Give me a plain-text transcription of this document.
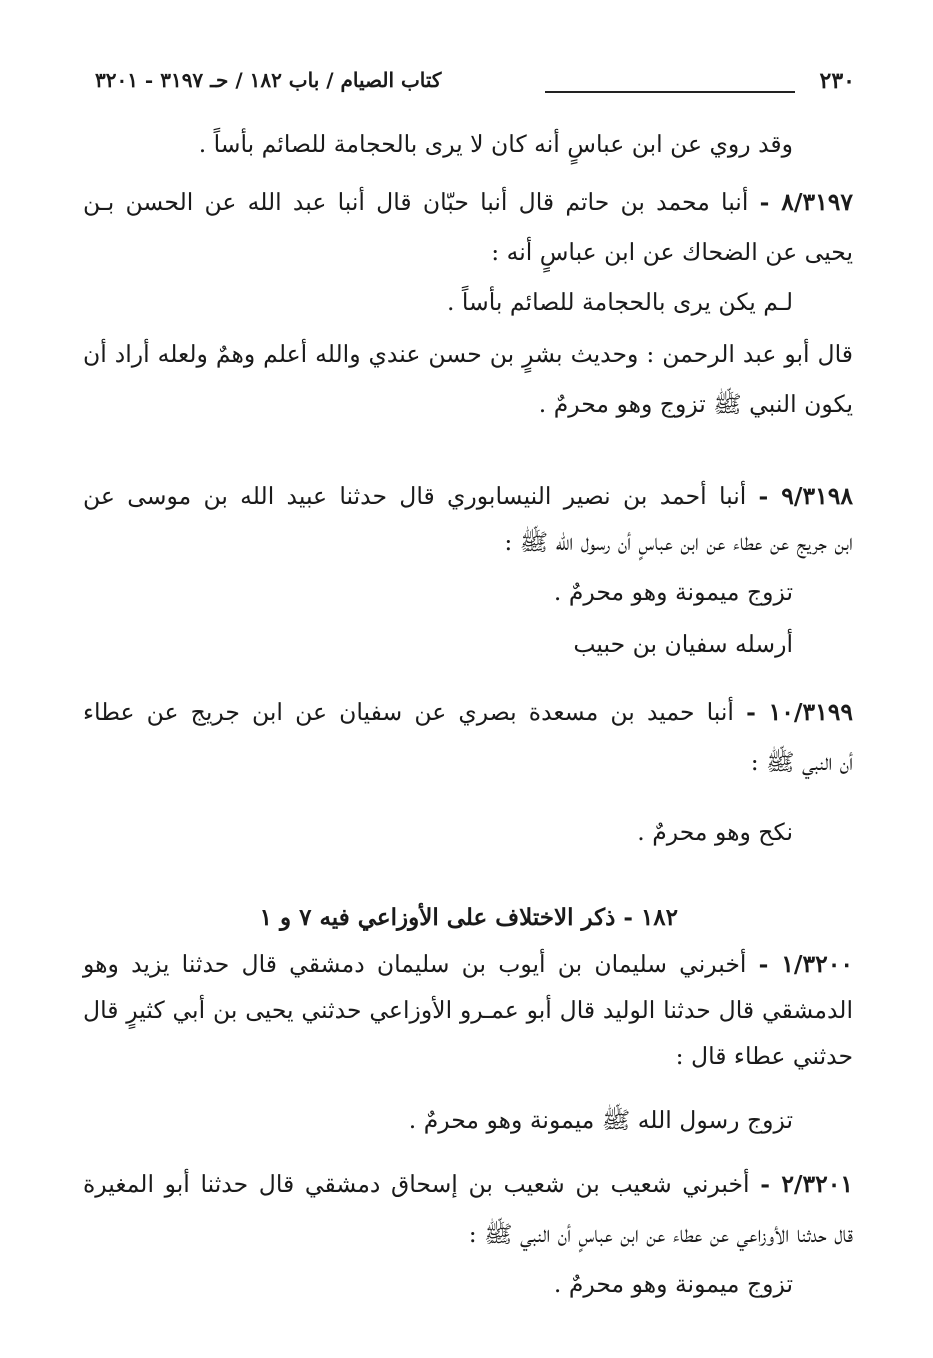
٢٣٠
كتاب الصيام / باب ١٨٢ / حـ ٣١٩٧ - ٣٢٠١
١٨٢ - ذكر الاختلاف على الأوزاعي فيه ٧ و ١
وقد روي عن ابن عباسٍ أنه كان لا يرى بالحجامة للصائم بأساً .
٨/٣١٩٧ - أنبا محمد بن حاتم قال أنبا حبّان قال أنبا عبد الله عن الحسن بـن
يحيى عن الضحاك عن ابن عباسٍ أنه :
لـم يكن يرى بالحجامة للصائم بأساً .
قال أبو عبد الرحمن : وحديث بشرٍ بن حسن عندي والله أعلم وهمٌ ولعله أراد أن
يكون النبي ﷺ تزوج وهو محرمٌ .
٩/٣١٩٨ - أنبا أحمد بن نصير النيسابوري قال حدثنا عبيد الله بن موسى عن
ابن جريج عن عطاء عن ابن عباسٍ أن رسول الله ﷺ :
تزوج ميمونة وهو محرمٌ .
أرسله سفيان بن حبيب
١٠/٣١٩٩ - أنبا حميد بن مسعدة بصري عن سفيان عن ابن جريج عن عطاء
أن النبي ﷺ :
نكح وهو محرمٌ .
١/٣٢٠٠ - أخبرني سليمان بن أيوب بن سليمان دمشقي قال حدثنا يزيد وهو
الدمشقي قال حدثنا الوليد قال أبو عمـرو الأوزاعي حدثني يحيى بن أبي كثيرٍ قال
حدثني عطاء قال :
تزوج رسول الله ﷺ ميمونة وهو محرمٌ .
٢/٣٢٠١ - أخبرني شعيب بن شعيب بن إسحاق دمشقي قال حدثنا أبو المغيرة
قال حدثنا الأوزاعي عن عطاء عن ابن عباسٍ أن النبي ﷺ :
تزوج ميمونة وهو محرمٌ .
